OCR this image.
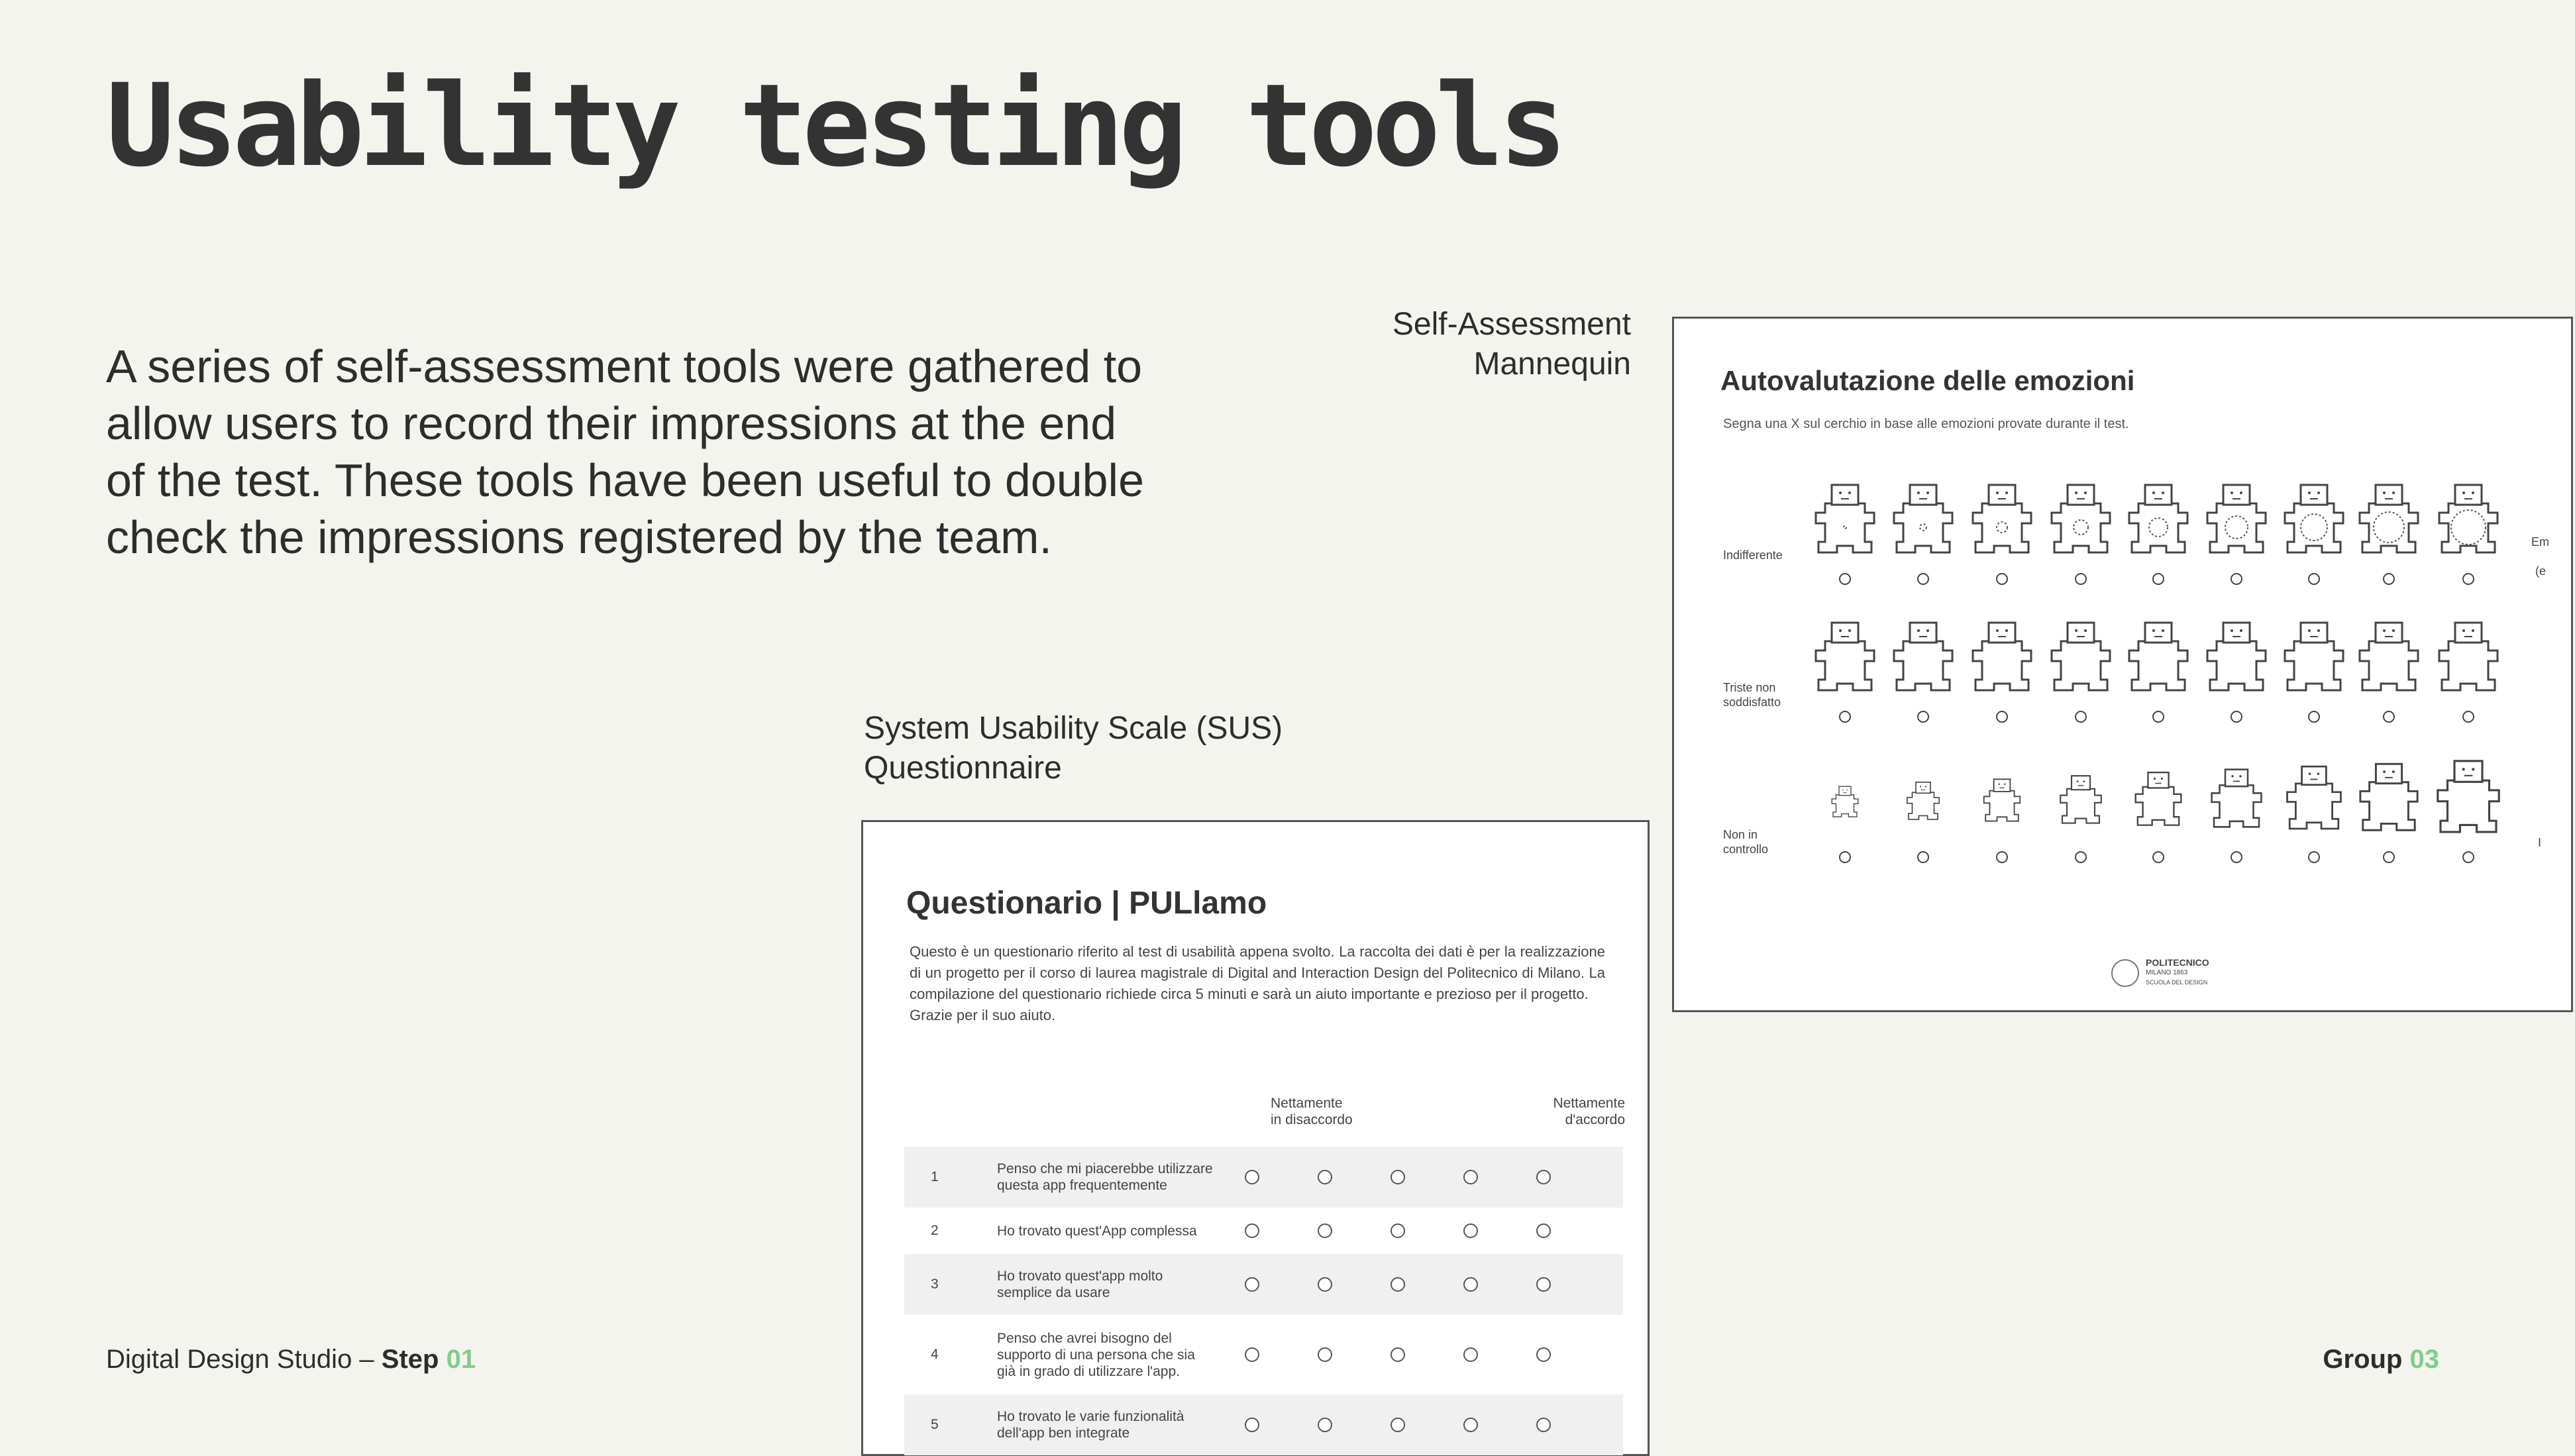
Usability testing tools
A series of self-assessment tools were gathered to allow users to record their impressions at the end of the test. These tools have been useful to double check the impressions registered by the team.
Self-Assessment Mannequin
System Usability Scale (SUS) Questionnaire
Autovalutazione delle emozioni
Segna una X sul cerchio in base alle emozioni provate durante il test.
Indifferente
Triste non soddisfatto
Non in controllo
Em
(e
I
POLITECNICO
MILANO 1863
SCUOLA DEL DESIGN
Questionario | PULlamo

Questo è un questionario riferito al test di usabilità appena svolto. La raccolta dei dati è per la realizzazione di un progetto per il corso di laurea magistrale di Digital and Interaction Design del Politecnico di Milano. La compilazione del questionario richiede circa 5 minuti e sarà un aiuto importante e prezioso per il progetto.

Grazie per il suo aiuto.

Nettamente
in disaccordo
Nettamente
d'accordo
1
Penso che mi piacerebbe utilizzare questa app frequentemente
2	Ho trovato quest'App complessa
3
Ho trovato quest'app molto semplice da usare
4
Penso che avrei bisogno del supporto di una persona che sia già in grado di utilizzare l'app.
5
Ho trovato le varie funzionalità dell'app ben integrate
Digital Design Studio – Step 01	Group 03
